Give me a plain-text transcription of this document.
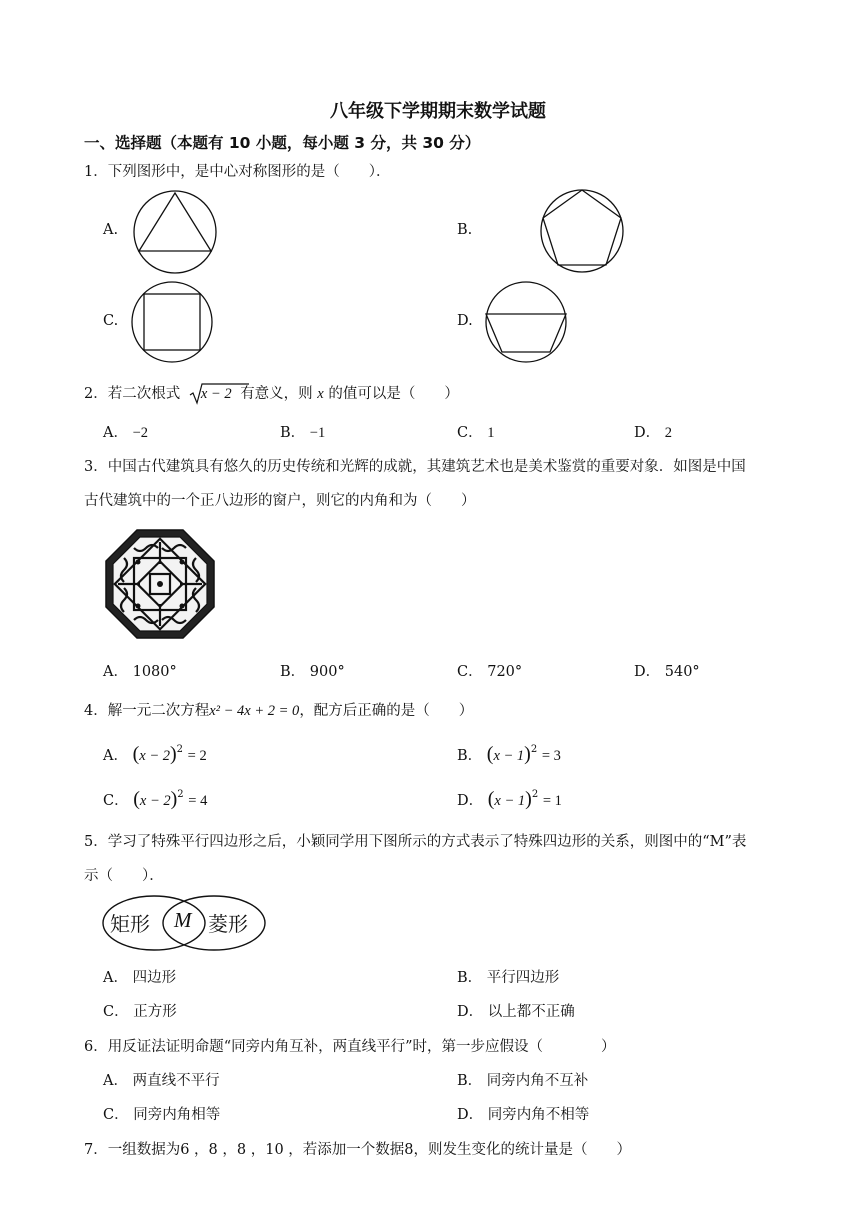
八年级下学期期末数学试题
一、选择题（本题有 10 小题，每小题 3 分，共 30 分）
1．下列图形中，是中心对称图形的是（　　）．
A.	B.
C.	D.
2．若二次根式 x − 2 有意义，则 x 的值可以是（　　）
A． −2	B． −1	C． 1	D． 2
3．中国古代建筑具有悠久的历史传统和光辉的成就，其建筑艺术也是美术鉴赏的重要对象．如图是中国
古代建筑中的一个正八边形的窗户，则它的内角和为（　　）
A． 1080°	B． 900°	C． 720°	D． 540°
4．解一元二次方程x² − 4x + 2 = 0，配方后正确的是（　　）
A． $(x - 2)^2 = 2$	B． $(x - 1)^2 = 3$
C． $(x - 2)^2 = 4$	D． $(x - 1)^2 = 1$
5．学习了特殊平行四边形之后，小颖同学用下图所示的方式表示了特殊四边形的关系，则图中的“M”表
示（　　）．
矩形 M 菱形
A． 四边形	B． 平行四边形
C． 正方形	D． 以上都不正确
6．用反证法证明命题“同旁内角互补，两直线平行”时，第一步应假设（　　　　）
A． 两直线不平行	B． 同旁内角不互补
C． 同旁内角相等	D． 同旁内角不相等
7．一组数据为6 ，8 ，8 ，10 ，若添加一个数据8，则发生变化的统计量是（　　）
